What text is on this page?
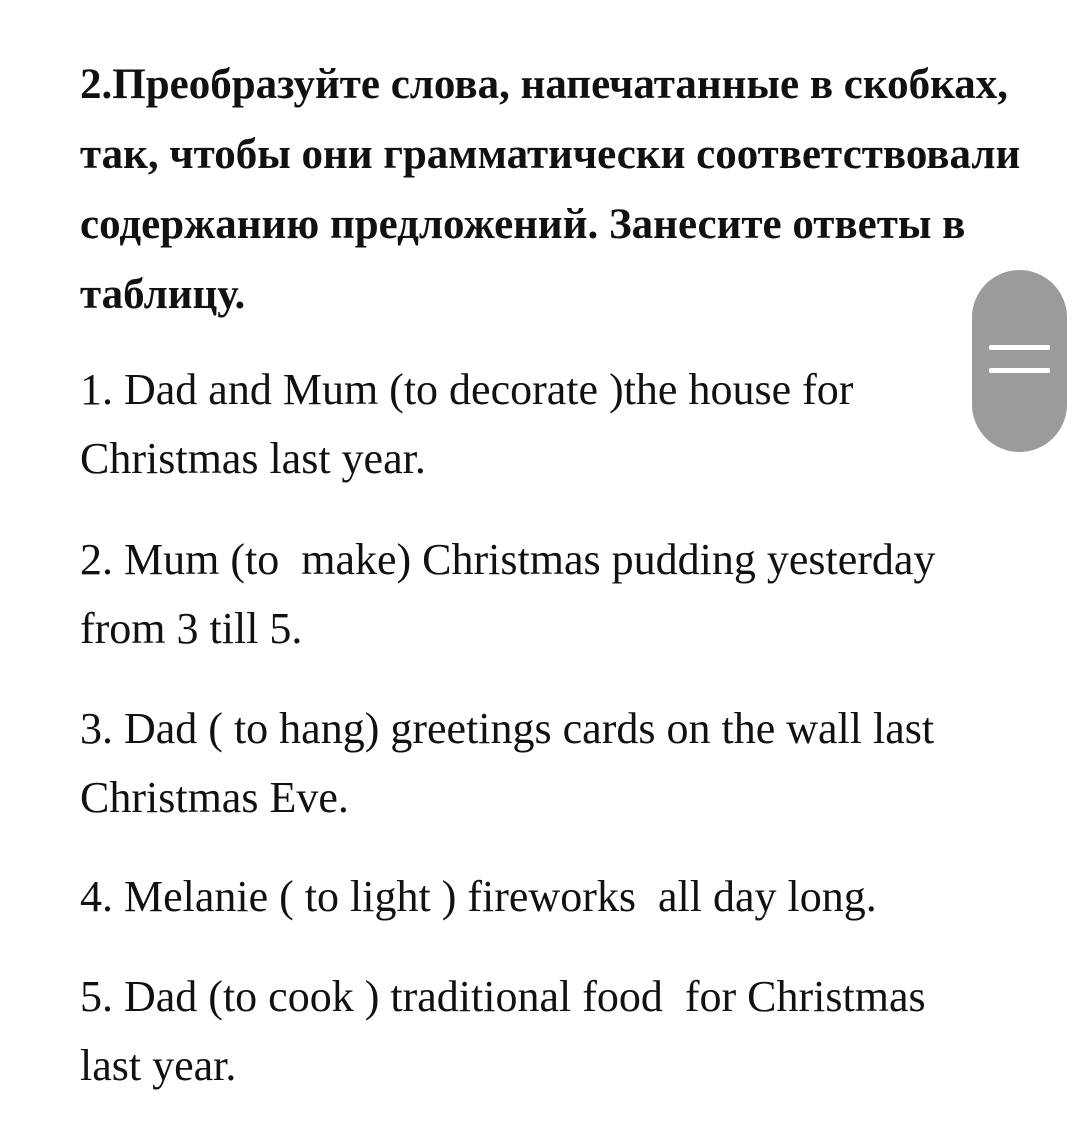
2.Преобразуйте слова, напечатанные в скобках, так, чтобы они грамматически соответствовали содержанию предложений. Занесите ответы в таблицу.

1. Dad and Mum (to decorate )the house for Christmas last year.

2. Mum (to  make) Christmas pudding yesterday from 3 till 5.

3. Dad ( to hang) greetings cards on the wall last Christmas Eve.

4. Melanie ( to light ) fireworks  all day long.

5. Dad (to cook ) traditional food  for Christmas last year.
